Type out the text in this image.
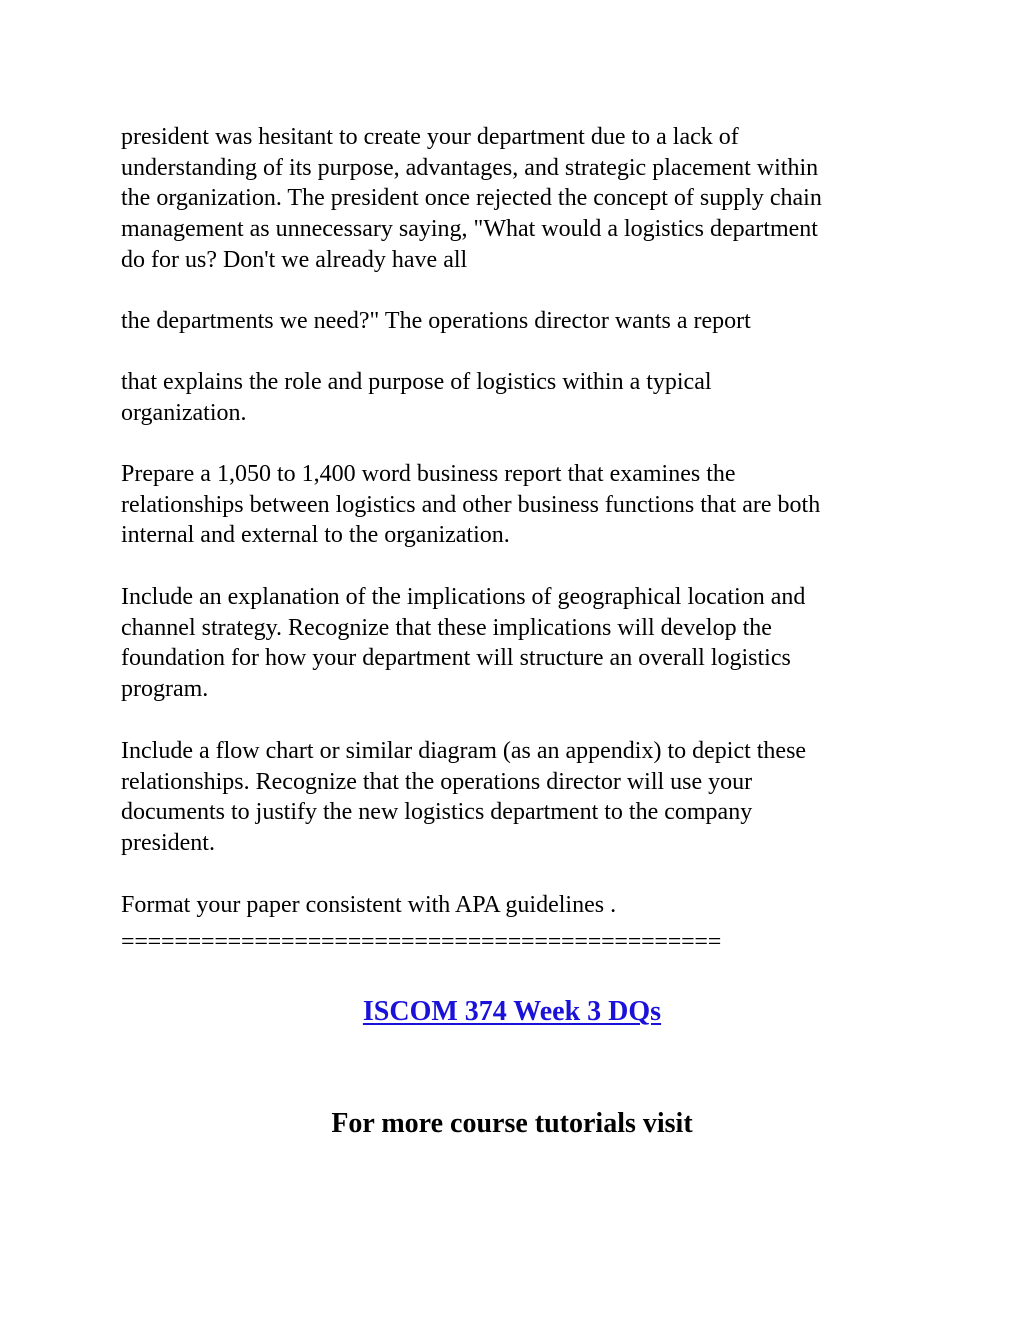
president was hesitant to create your department due to a lack of
understanding of its purpose, advantages, and strategic placement within
the organization. The president once rejected the concept of supply chain
management as unnecessary saying, "What would a logistics department
do for us? Don't we already have all

the departments we need?" The operations director wants a report

that explains the role and purpose of logistics within a typical
organization.

Prepare a 1,050 to 1,400 word business report that examines the
relationships between logistics and other business functions that are both
internal and external to the organization.

Include an explanation of the implications of geographical location and
channel strategy. Recognize that these implications will develop the
foundation for how your department will structure an overall logistics
program.

Include a flow chart or similar diagram (as an appendix) to depict these
relationships. Recognize that the operations director will use your
documents to justify the new logistics department to the company
president.

Format your paper consistent with APA guidelines .

=============================================

ISCOM 374 Week 3 DQs
For more course tutorials visit
